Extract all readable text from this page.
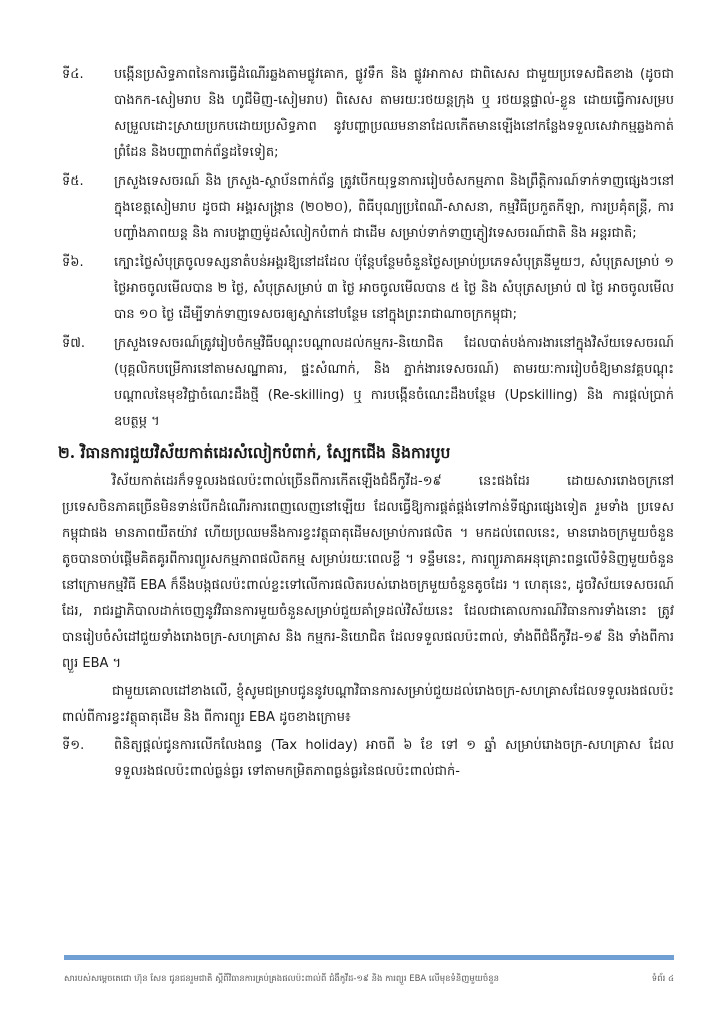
ទី៤.	បង្កើនប្រសិទ្ធភាពនៃការធ្វើដំណើរឆ្លងតាមផ្លូវគោក, ផ្លូវទឹក និង ផ្លូវអាកាស ជាពិសេស ជាមួយប្រទេសជិតខាង (ដូចជា បាងកក-សៀមរាប និង ហូជីមិញ-សៀមរាប) ពិសេស តាមរយៈរថយន្តក្រុង ឬ រថយន្តផ្ទាល់-ខ្លួន ដោយធ្វើការសម្របសម្រួលដោះស្រាយប្រកបដោយប្រសិទ្ធភាព នូវបញ្ហាប្រឈមនានាដែលកើតមានឡើងនៅកន្លែងទទួលសេវាកម្មឆ្លងកាត់ព្រំដែន និងបញ្ហាពាក់ព័ន្ធដទៃទៀត;
ទី៥.	ក្រសួងទេសចរណ៍ និង ក្រសួង-ស្ថាប័នពាក់ព័ន្ធ ត្រូវបើកយុទ្ធនាការរៀបចំសកម្មភាព និងព្រឹត្តិការណ៍ទាក់ទាញផ្សេងៗនៅក្នុងខេត្តសៀមរាប ដូចជា អង្គរសង្ក្រាន (២០២០), ពិធីបុណ្យប្រពៃណី-សាសនា, កម្មវិធីប្រកួតកីឡា, ការប្រគុំតន្ត្រី, ការបញ្ចាំងភាពយន្ត និង ការបង្ហាញម៉ូដសំលៀកបំពាក់ ជាដើម សម្រាប់ទាក់ទាញភ្ញៀវទេសចរណ៍ជាតិ និង អន្តរជាតិ;
ទី៦.	ក្បោះថ្លៃសំបុត្រចូលទស្សនាតំបន់អង្គរឱ្យនៅដដែល ប៉ុន្តែបន្ថែមចំនួនថ្ងៃសម្រាប់ប្រភេទសំបុត្រនីមួយៗ, សំបុត្រសម្រាប់ ១ ថ្ងៃអាចចូលមើលបាន ២ ថ្ងៃ, សំបុត្រសម្រាប់ ៣ ថ្ងៃ អាចចូលមើលបាន ៥ ថ្ងៃ និង សំបុត្រសម្រាប់ ៧ ថ្ងៃ អាចចូលមើលបាន ១០ ថ្ងៃ ដើម្បីទាក់ទាញទេសចរឲ្យស្នាក់នៅបន្ថែម នៅក្នុងព្រះរាជាណាចក្រកម្ពុជា;
ទី៧.	ក្រសួងទេសចរណ៍ត្រូវរៀបចំកម្មវិធីបណ្តុះបណ្តាលដល់កម្មករ-និយោជិត ដែលបាត់បង់ការងារនៅក្នុងវិស័យទេសចរណ៍ (បុគ្គលិកបម្រើការនៅតាមសណ្ឋាគារ, ផ្ទះសំណាក់, និង ភ្នាក់ងារទេសចរណ៍) តាមរយៈការរៀបចំឱ្យមានវគ្គបណ្តុះបណ្តាលនៃមុខវិជ្ជាចំណេះដឹងថ្មី (Re-skilling) ឬ ការបង្កើនចំណេះដឹងបន្ថែម (Upskilling) និង ការផ្តល់ប្រាក់ឧបត្ថម្ភ ។
២. វិធានការជួយវិស័យកាត់ដេរសំលៀកបំពាក់, ស្បែកជើង និងការបូប

វិស័យកាត់ដេរក៏ទទួលរងផលប៉ះពាល់ច្រើនពីការកើតឡើងជំងឺកូវីដ-១៩ នេះផងដែរ ដោយសាររោងចក្រនៅប្រទេសចិនភាគច្រើនមិនទាន់បើកដំណើរការពេញលេញនៅឡើយ ដែលធ្វើឱ្យការផ្គត់ផ្គង់ទៅកាន់ទីផ្សារផ្សេងទៀត រួមទាំង ប្រទេសកម្ពុជាផង មានភាពយឺតយ៉ាវ ហើយប្រឈមនឹងការខ្វះវត្ថុធាតុដើមសម្រាប់ការផលិត ។ មកដល់ពេលនេះ, មានរោងចក្រមួយចំនួនតូចបានចាប់ផ្តើមគិតគូរពីការព្យួរសកម្មភាពផលិតកម្ម សម្រាប់រយៈពេលខ្លី ។ ទន្ទឹមនេះ, ការព្យួរភាគអនុគ្រោះពន្ធលើទំនិញមួយចំនួន នៅក្រោមកម្មវិធី EBA ក៏នឹងបង្កផលប៉ះពាល់ខ្លះទៅលើការផលិតរបស់រោងចក្រមួយចំនួនតូចដែរ ។ ហេតុនេះ, ដូចវិស័យទេសចរណ៍ដែរ, រាជរដ្ឋាភិបាលដាក់ចេញនូវវិធានការមួយចំនួនសម្រាប់ជួយគាំទ្រដល់វិស័យនេះ ដែលជាគោលការណ៍វិធានការទាំងនោះ ត្រូវបានរៀបចំសំដៅជួយទាំងរោងចក្រ-សហគ្រាស និង កម្មករ-និយោជិត ដែលទទួលផលប៉ះពាល់, ទាំងពីជំងឺកូវីដ-១៩ និង ទាំងពីការព្យួរ EBA ។

ជាមួយគោលដៅខាងលើ, ខ្ញុំសូមជម្រាបជូននូវបណ្តាវិធានការសម្រាប់ជួយដល់រោងចក្រ-សហគ្រាសដែលទទួលរងផលប៉ះពាល់ពីការខ្វះវត្ថុធាតុដើម និង ពីការព្យួរ EBA ដូចខាងក្រោម៖

ទី១.	ពិនិត្យផ្តល់ជូនការលើកលែងពន្ធ (Tax holiday) អាចពី ៦ ខែ ទៅ ១ ឆ្នាំ សម្រាប់រោងចក្រ-សហគ្រាស ដែលទទួលរងផលប៉ះពាល់ធ្ងន់ធ្ងរ ទៅតាមកម្រិតភាពធ្ងន់ធ្ងរនៃផលប៉ះពាល់ជាក់-
សារបស់សម្តេចតេជោ ហ៊ុន សែន ជូនជនរួមជាតិ ស្តីពីវិធានការគ្រប់គ្រងផលប៉ះពាល់ពី ជំងឺកូវីដ-១៩ និង ការព្យួរ EBA លើមុខទំនិញមួយចំនួន	ទំព័រ ៤
